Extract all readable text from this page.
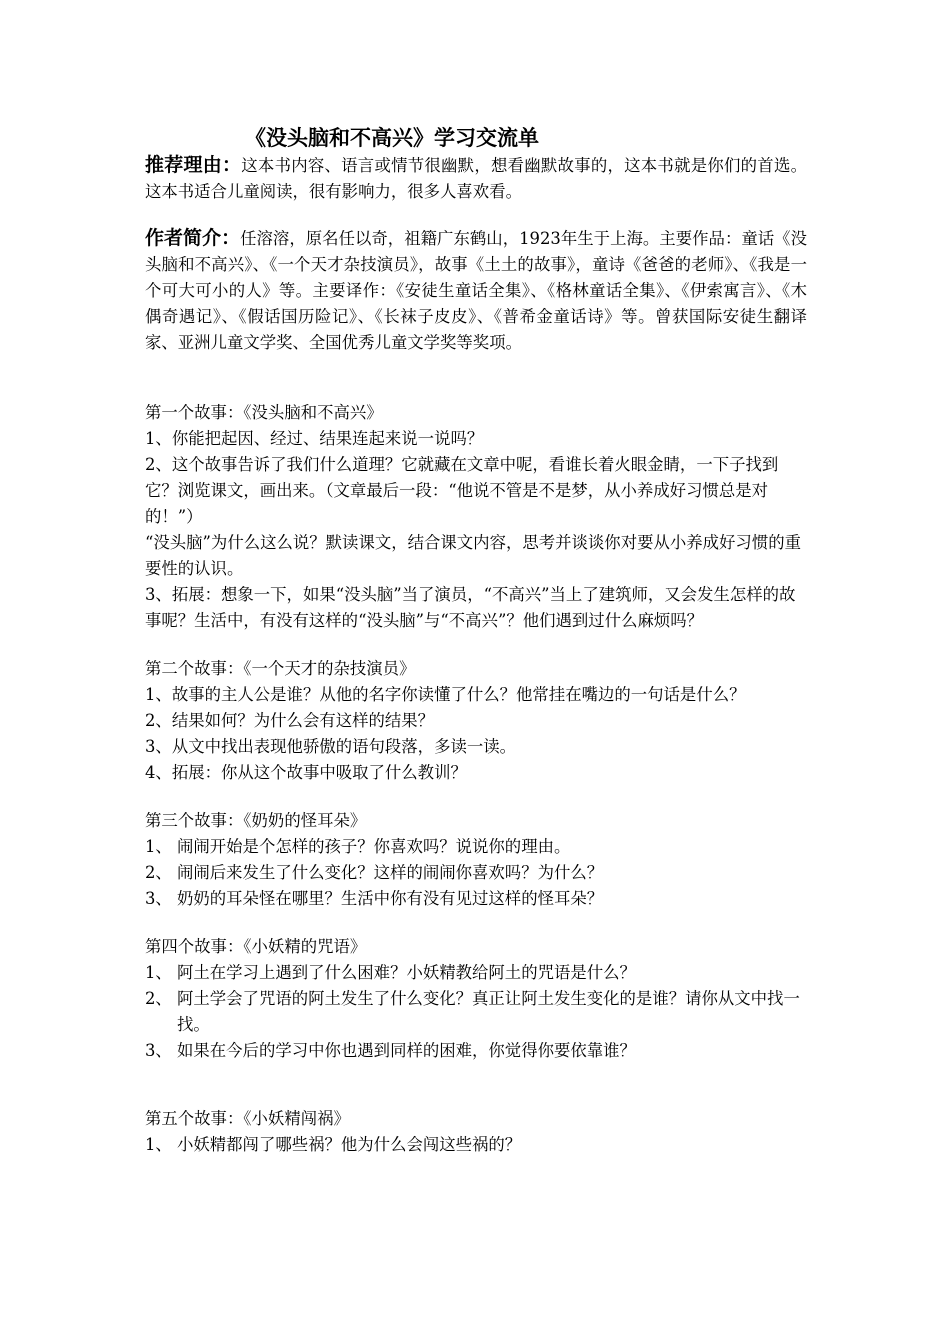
《没头脑和不高兴》学习交流单

推荐理由：这本书内容、语言或情节很幽默，想看幽默故事的，这本书就是你们的首选。这本书适合儿童阅读，很有影响力，很多人喜欢看。

作者简介：任溶溶，原名任以奇，祖籍广东鹤山，1923年生于上海。主要作品：童话《没头脑和不高兴》、《一个天才杂技演员》，故事《土土的故事》，童诗《爸爸的老师》、《我是一个可大可小的人》等。主要译作：《安徒生童话全集》、《格林童话全集》、《伊索寓言》、《木偶奇遇记》、《假话国历险记》、《长袜子皮皮》、《普希金童话诗》等。曾获国际安徒生翻译家、亚洲儿童文学奖、全国优秀儿童文学奖等奖项。

第一个故事：《没头脑和不高兴》

1、你能把起因、经过、结果连起来说一说吗？

2、这个故事告诉了我们什么道理？它就藏在文章中呢，看谁长着火眼金睛，一下子找到它？浏览课文，画出来。（文章最后一段：“他说不管是不是梦，从小养成好习惯总是对的！”）

“没头脑”为什么这么说？默读课文，结合课文内容，思考并谈谈你对要从小养成好习惯的重要性的认识。

3、拓展：想象一下，如果“没头脑”当了演员，“不高兴”当上了建筑师，又会发生怎样的故事呢？生活中，有没有这样的“没头脑”与“不高兴”？他们遇到过什么麻烦吗？

第二个故事：《一个天才的杂技演员》

1、故事的主人公是谁？从他的名字你读懂了什么？他常挂在嘴边的一句话是什么？

2、结果如何？为什么会有这样的结果？

3、从文中找出表现他骄傲的语句段落，多读一读。

4、拓展：你从这个故事中吸取了什么教训？

第三个故事：《奶奶的怪耳朵》

1、 闹闹开始是个怎样的孩子？你喜欢吗？说说你的理由。
2、 闹闹后来发生了什么变化？这样的闹闹你喜欢吗？为什么？
3、 奶奶的耳朵怪在哪里？生活中你有没有见过这样的怪耳朵？

第四个故事：《小妖精的咒语》

1、 阿土在学习上遇到了什么困难？小妖精教给阿土的咒语是什么？
2、 阿土学会了咒语的阿土发生了什么变化？真正让阿土发生变化的是谁？请你从文中找一找。
3、 如果在今后的学习中你也遇到同样的困难，你觉得你要依靠谁？

第五个故事：《小妖精闯祸》

1、 小妖精都闯了哪些祸？他为什么会闯这些祸的？
